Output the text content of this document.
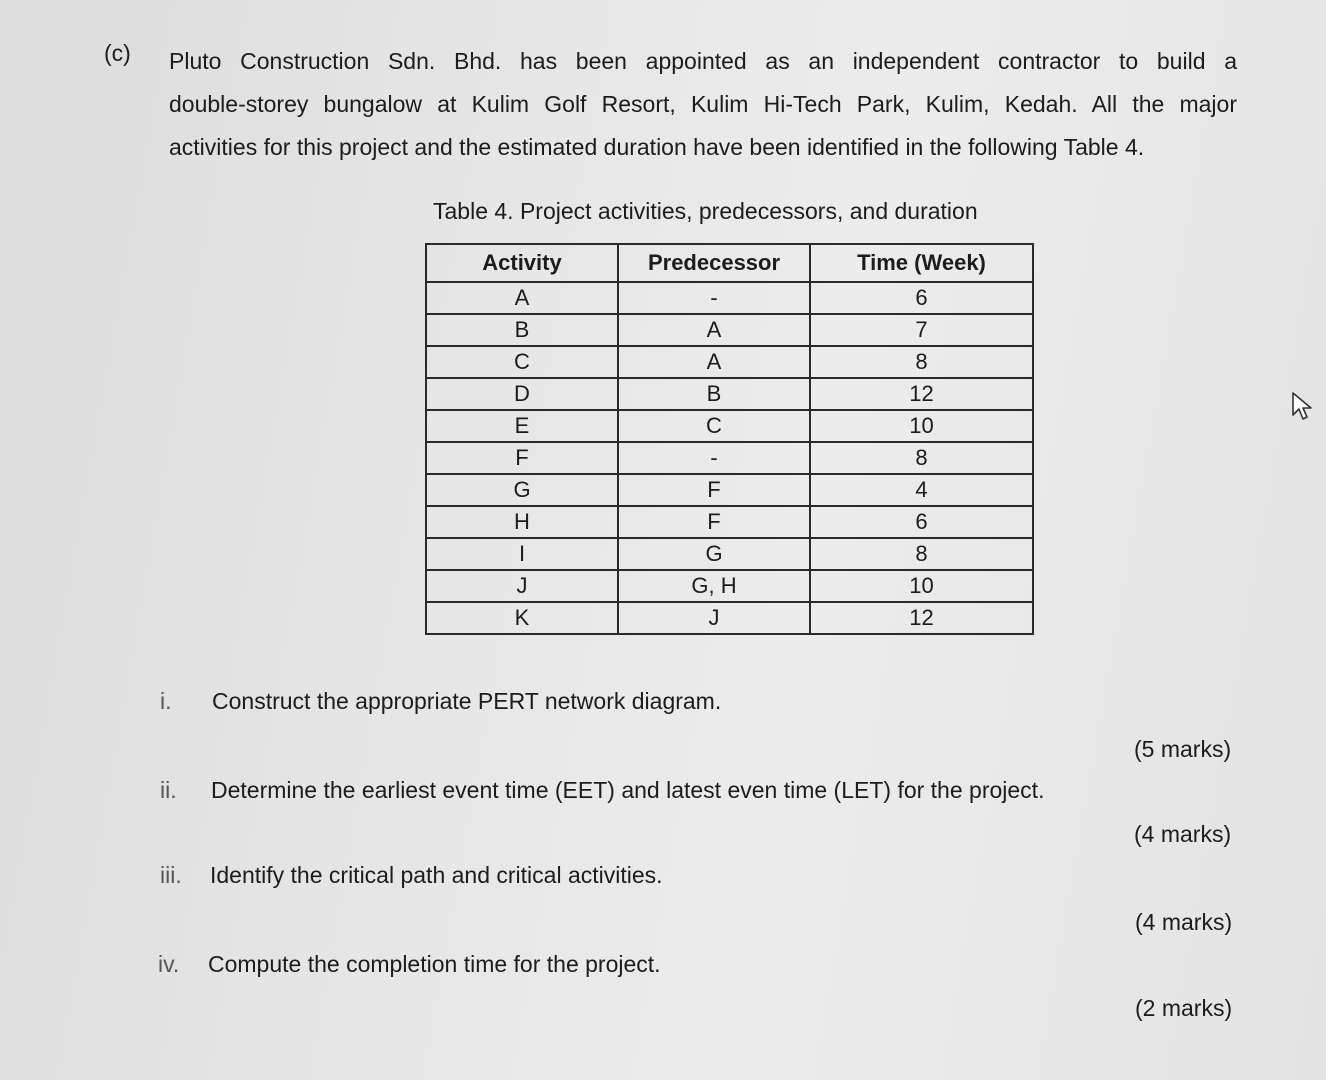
(c) Pluto Construction Sdn. Bhd. has been appointed as an independent contractor to build a
double-storey bungalow at Kulim Golf Resort, Kulim Hi-Tech Park, Kulim, Kedah. All the major
activities for this project and the estimated duration have been identified in the following Table 4.
Table 4. Project activities, predecessors, and duration
Activity	Predecessor	Time (Week)
A	-	6
B	A	7
C	A	8
D	B	12
E	C	10
F	-	8
G	F	4
H	F	6
I	G	8
J	G, H	10
K	J	12
i. Construct the appropriate PERT network diagram.
(5 marks)
ii. Determine the earliest event time (EET) and latest even time (LET) for the project.
(4 marks)
iii. Identify the critical path and critical activities.
(4 marks)
iv. Compute the completion time for the project.
(2 marks)
